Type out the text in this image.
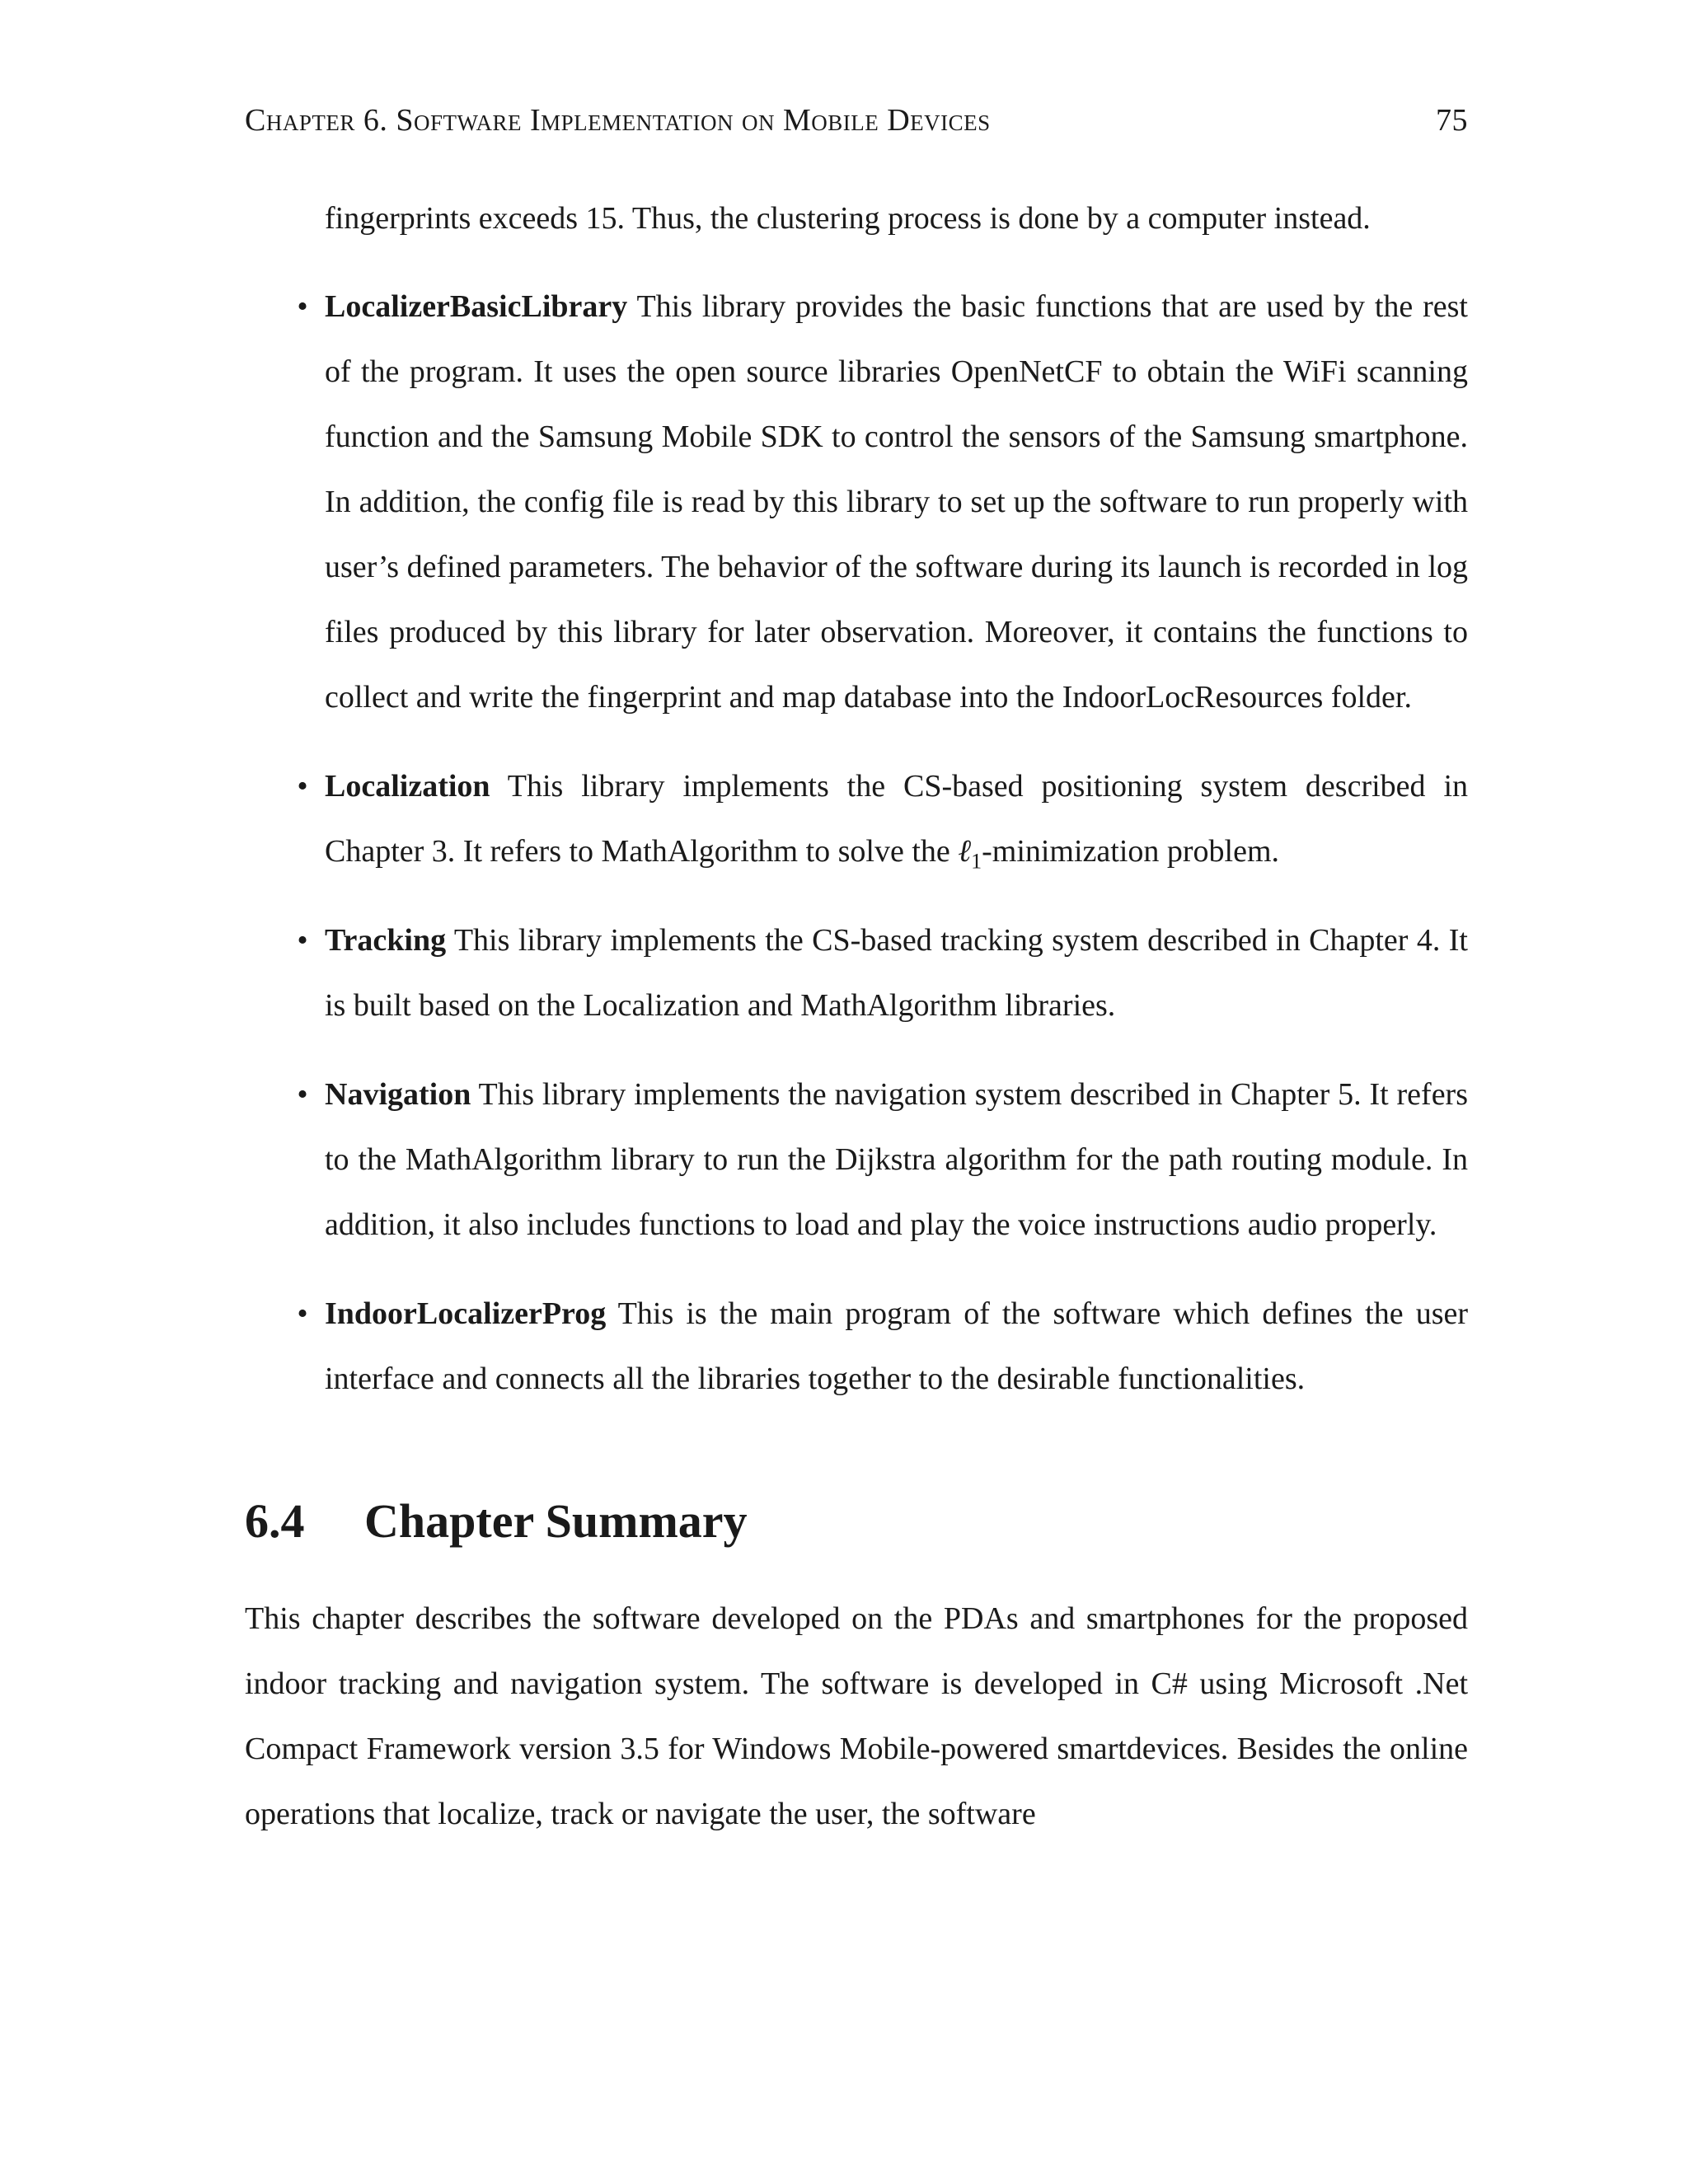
Chapter 6. Software Implementation on Mobile Devices	75

fingerprints exceeds 15. Thus, the clustering process is done by a computer instead.

• LocalizerBasicLibrary This library provides the basic functions that are used by the rest of the program. It uses the open source libraries OpenNetCF to obtain the WiFi scanning function and the Samsung Mobile SDK to control the sensors of the Samsung smartphone. In addition, the config file is read by this library to set up the software to run properly with user’s defined parameters. The behavior of the software during its launch is recorded in log files produced by this library for later observation. Moreover, it contains the functions to collect and write the fingerprint and map database into the IndoorLocResources folder.
• Localization This library implements the CS-based positioning system described in Chapter 3. It refers to MathAlgorithm to solve the ℓ$_1$-minimization problem.
• Tracking This library implements the CS-based tracking system described in Chapter 4. It is built based on the Localization and MathAlgorithm libraries.
• Navigation This library implements the navigation system described in Chapter 5. It refers to the MathAlgorithm library to run the Dijkstra algorithm for the path routing module. In addition, it also includes functions to load and play the voice instructions audio properly.
• IndoorLocalizerProg This is the main program of the software which defines the user interface and connects all the libraries together to the desirable functionalities.
6.4 Chapter Summary

This chapter describes the software developed on the PDAs and smartphones for the proposed indoor tracking and navigation system. The software is developed in C# using Microsoft .Net Compact Framework version 3.5 for Windows Mobile-powered smartdevices. Besides the online operations that localize, track or navigate the user, the software
